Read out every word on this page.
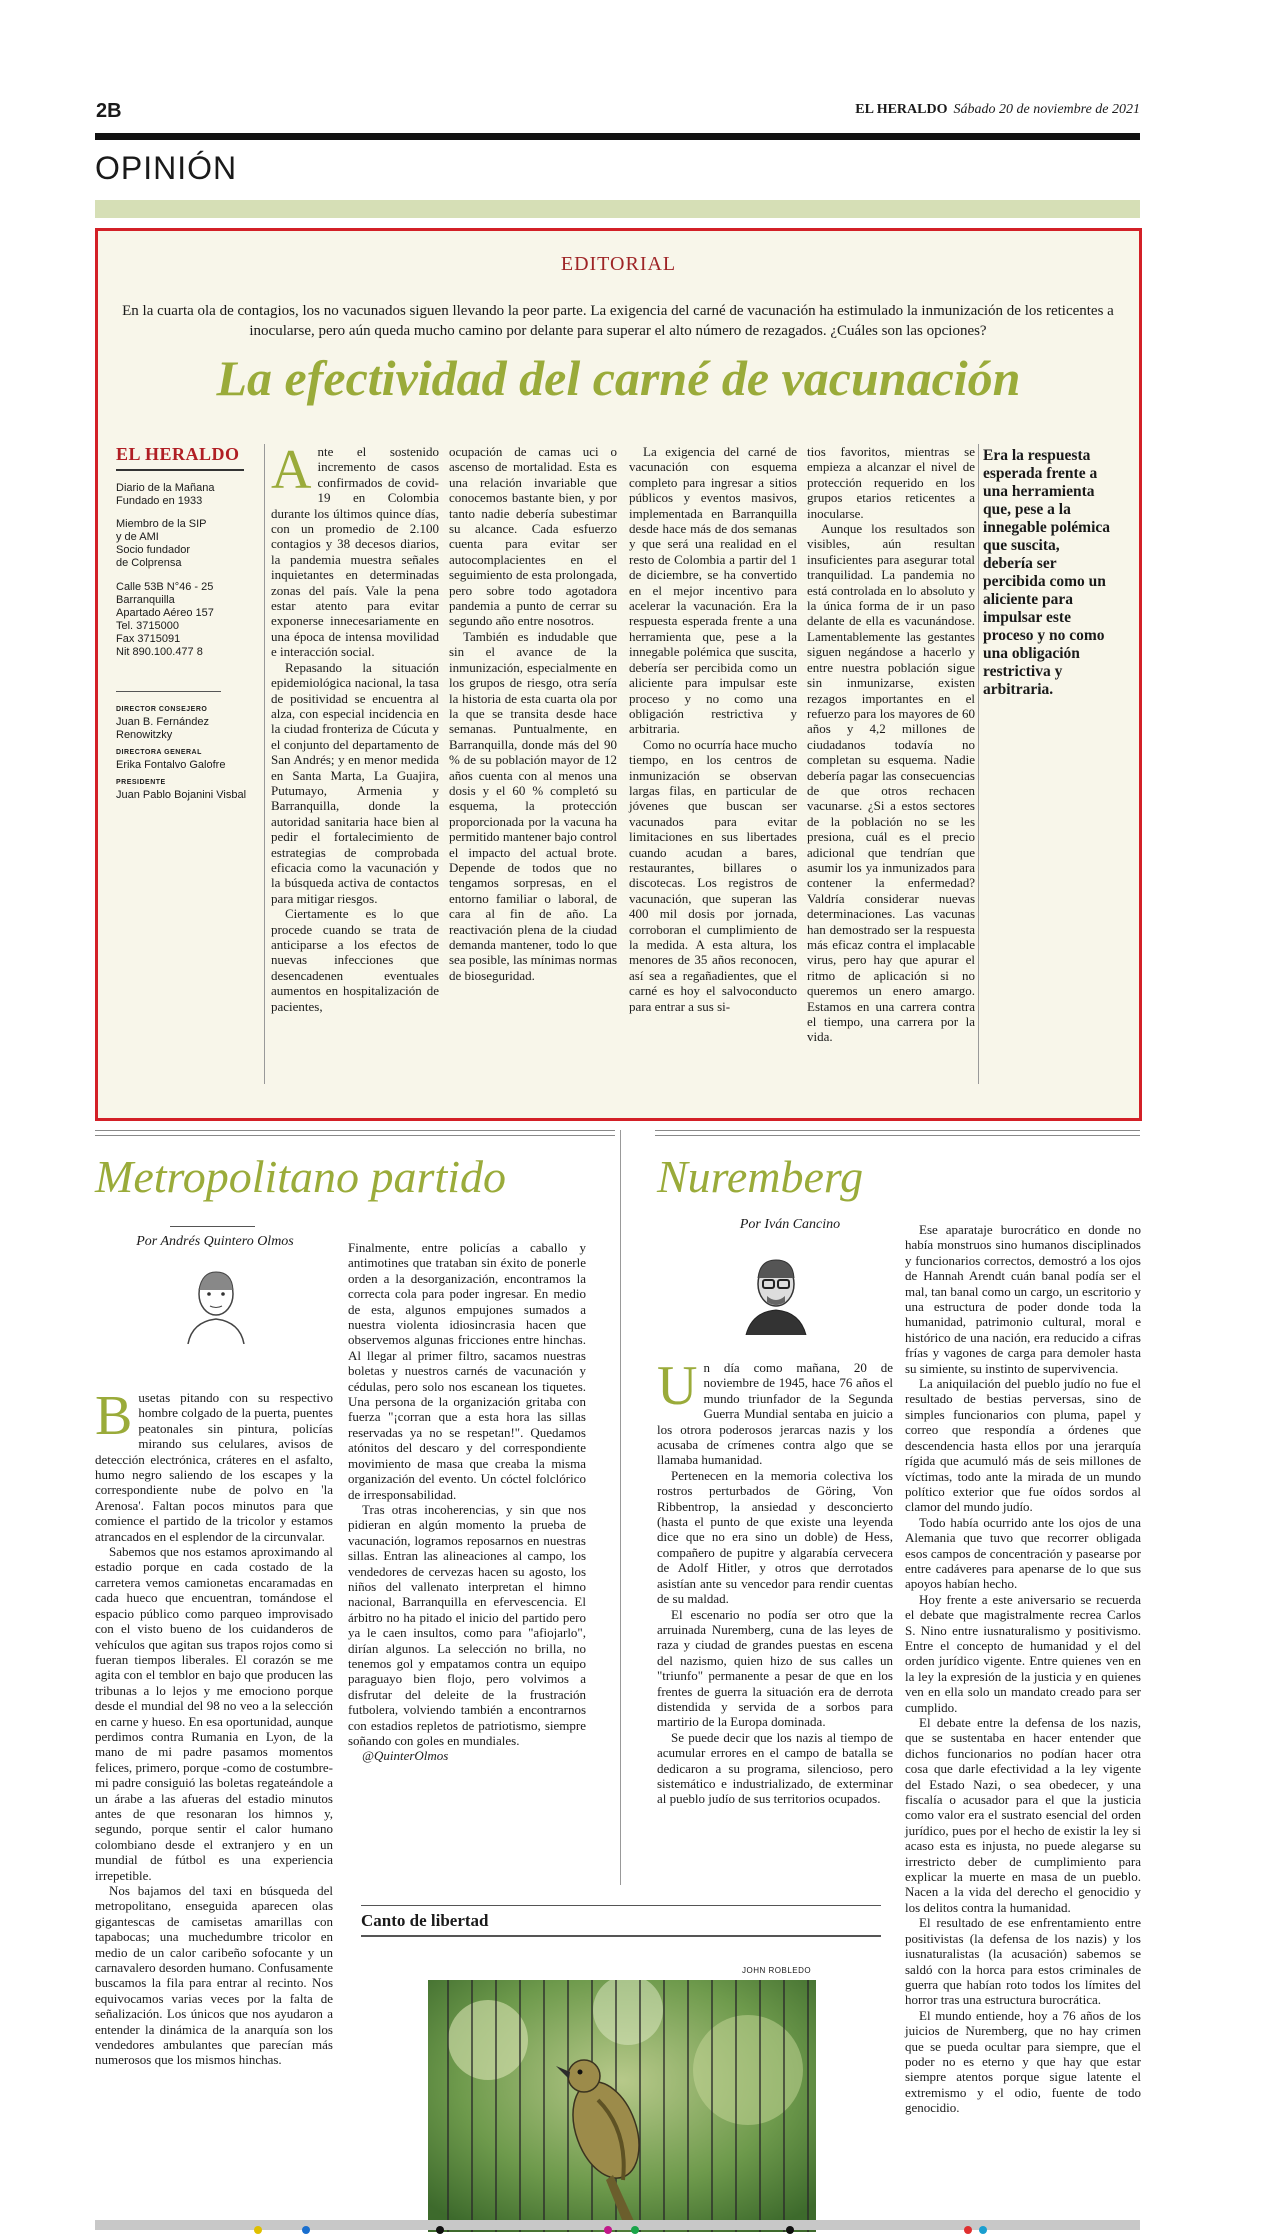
2B	EL HERALDO Sábado 20 de noviembre de 2021
OPINIÓN
EDITORIAL
En la cuarta ola de contagios, los no vacunados siguen llevando la peor parte. La exigencia del carné de vacunación ha estimulado la inmunización de los reticentes a inocularse, pero aún queda mucho camino por delante para superar el alto número de rezagados. ¿Cuáles son las opciones?
La efectividad del carné de vacunación
EL HERALDO
Diario de la Mañana
Fundado en 1933
Miembro de la SIP
y de AMI
Socio fundador
de Colprensa
Calle 53B N°46 - 25
Barranquilla
Apartado Aéreo 157
Tel. 3715000
Fax 3715091
Nit 890.100.477 8
DIRECTOR CONSEJERO
Juan B. Fernández Renowitzky
DIRECTORA GENERAL
Erika Fontalvo Galofre
PRESIDENTE
Juan Pablo Bojanini Visbal

Ante el sostenido incremento de casos confirmados de covid-19 en Colombia durante los últimos quince días, con un promedio de 2.100 contagios y 38 decesos diarios, la pandemia muestra señales inquietantes en determinadas zonas del país. Vale la pena estar atento para evitar exponerse innecesariamente en una época de intensa movilidad e interacción social.

Repasando la situación epidemiológica nacional, la tasa de positividad se encuentra al alza, con especial incidencia en la ciudad fronteriza de Cúcuta y el conjunto del departamento de San Andrés; y en menor medida en Santa Marta, La Guajira, Putumayo, Armenia y Barranquilla, donde la autoridad sanitaria hace bien al pedir el fortalecimiento de estrategias de comprobada eficacia como la vacunación y la búsqueda activa de contactos para mitigar riesgos.

Ciertamente es lo que procede cuando se trata de anticiparse a los efectos de nuevas infecciones que desencadenen eventuales aumentos en hospitalización de pacientes,

ocupación de camas uci o ascenso de mortalidad. Esta es una relación invariable que conocemos bastante bien, y por tanto nadie debería subestimar su alcance. Cada esfuerzo cuenta para evitar ser autocomplacientes en el seguimiento de esta prolongada, pero sobre todo agotadora pandemia a punto de cerrar su segundo año entre nosotros.

También es indudable que sin el avance de la inmunización, especialmente en los grupos de riesgo, otra sería la historia de esta cuarta ola por la que se transita desde hace semanas. Puntualmente, en Barranquilla, donde más del 90 % de su población mayor de 12 años cuenta con al menos una dosis y el 60 % completó su esquema, la protección proporcionada por la vacuna ha permitido mantener bajo control el impacto del actual brote. Depende de todos que no tengamos sorpresas, en el entorno familiar o laboral, de cara al fin de año. La reactivación plena de la ciudad demanda mantener, todo lo que sea posible, las mínimas normas de bioseguridad.

La exigencia del carné de vacunación con esquema completo para ingresar a sitios públicos y eventos masivos, implementada en Barranquilla desde hace más de dos semanas y que será una realidad en el resto de Colombia a partir del 1 de diciembre, se ha convertido en el mejor incentivo para acelerar la vacunación. Era la respuesta esperada frente a una herramienta que, pese a la innegable polémica que suscita, debería ser percibida como un aliciente para impulsar este proceso y no como una obligación restrictiva y arbitraria.

Como no ocurría hace mucho tiempo, en los centros de inmunización se observan largas filas, en particular de jóvenes que buscan ser vacunados para evitar limitaciones en sus libertades cuando acudan a bares, restaurantes, billares o discotecas. Los registros de vacunación, que superan las 400 mil dosis por jornada, corroboran el cumplimiento de la medida. A esta altura, los menores de 35 años reconocen, así sea a regañadientes, que el carné es hoy el salvoconducto para entrar a sus si-

tios favoritos, mientras se empieza a alcanzar el nivel de protección requerido en los grupos etarios reticentes a inocularse.

Aunque los resultados son visibles, aún resultan insuficientes para asegurar total tranquilidad. La pandemia no está controlada en lo absoluto y la única forma de ir un paso delante de ella es vacunándose. Lamentablemente las gestantes siguen negándose a hacerlo y entre nuestra población sigue sin inmunizarse, existen rezagos importantes en el refuerzo para los mayores de 60 años y 4,2 millones de ciudadanos todavía no completan su esquema. Nadie debería pagar las consecuencias de que otros rechacen vacunarse. ¿Si a estos sectores de la población no se les presiona, cuál es el precio adicional que tendrían que asumir los ya inmunizados para contener la enfermedad? Valdría considerar nuevas determinaciones. Las vacunas han demostrado ser la respuesta más eficaz contra el implacable virus, pero hay que apurar el ritmo de aplicación si no queremos un enero amargo. Estamos en una carrera contra el tiempo, una carrera por la vida.

Era la respuesta esperada frente a una herramienta que, pese a la innegable polémica que suscita, debería ser percibida como un aliciente para impulsar este proceso y no como una obligación restrictiva y arbitraria.
Metropolitano partido
Por Andrés Quintero Olmos

Busetas pitando con su respectivo hombre colgado de la puerta, puentes peatonales sin pintura, policías mirando sus celulares, avisos de detección electrónica, cráteres en el asfalto, humo negro saliendo de los escapes y la correspondiente nube de polvo en 'la Arenosa'. Faltan pocos minutos para que comience el partido de la tricolor y estamos atrancados en el esplendor de la circunvalar.

Sabemos que nos estamos aproximando al estadio porque en cada costado de la carretera vemos camionetas encaramadas en cada hueco que encuentran, tomándose el espacio público como parqueo improvisado con el visto bueno de los cuidanderos de vehículos que agitan sus trapos rojos como si fueran tiempos liberales. El corazón se me agita con el temblor en bajo que producen las tribunas a lo lejos y me emociono porque desde el mundial del 98 no veo a la selección en carne y hueso. En esa oportunidad, aunque perdimos contra Rumania en Lyon, de la mano de mi padre pasamos momentos felices, primero, porque -como de costumbre- mi padre consiguió las boletas regateándole a un árabe a las afueras del estadio minutos antes de que resonaran los himnos y, segundo, porque sentir el calor humano colombiano desde el extranjero y en un mundial de fútbol es una experiencia irrepetible.

Nos bajamos del taxi en búsqueda del metropolitano, enseguida aparecen olas gigantescas de camisetas amarillas con tapabocas; una muchedumbre tricolor en medio de un calor caribeño sofocante y un carnavalero desorden humano. Confusamente buscamos la fila para entrar al recinto. Nos equivocamos varias veces por la falta de señalización. Los únicos que nos ayudaron a entender la dinámica de la anarquía son los vendedores ambulantes que parecían más numerosos que los mismos hinchas.

Finalmente, entre policías a caballo y antimotines que trataban sin éxito de ponerle orden a la desorganización, encontramos la correcta cola para poder ingresar. En medio de esta, algunos empujones sumados a nuestra violenta idiosincrasia hacen que observemos algunas fricciones entre hinchas. Al llegar al primer filtro, sacamos nuestras boletas y nuestros carnés de vacunación y cédulas, pero solo nos escanean los tiquetes. Una persona de la organización gritaba con fuerza "¡corran que a esta hora las sillas reservadas ya no se respetan!". Quedamos atónitos del descaro y del correspondiente movimiento de masa que creaba la misma organización del evento. Un cóctel folclórico de irresponsabilidad.

Tras otras incoherencias, y sin que nos pidieran en algún momento la prueba de vacunación, logramos reposarnos en nuestras sillas. Entran las alineaciones al campo, los vendedores de cervezas hacen su agosto, los niños del vallenato interpretan el himno nacional, Barranquilla en efervescencia. El árbitro no ha pitado el inicio del partido pero ya le caen insultos, como para "afiojarlo", dirían algunos. La selección no brilla, no tenemos gol y empatamos contra un equipo paraguayo bien flojo, pero volvimos a disfrutar del deleite de la frustración futbolera, volviendo también a encontrarnos con estadios repletos de patriotismo, siempre soñando con goles en mundiales.

@QuinterOlmos

Nuremberg
Por Iván Cancino

Un día como mañana, 20 de noviembre de 1945, hace 76 años el mundo triunfador de la Segunda Guerra Mundial sentaba en juicio a los otrora poderosos jerarcas nazis y los acusaba de crímenes contra algo que se llamaba humanidad.

Pertenecen en la memoria colectiva los rostros perturbados de Göring, Von Ribbentrop, la ansiedad y desconcierto (hasta el punto de que existe una leyenda dice que no era sino un doble) de Hess, compañero de pupitre y algarabía cervecera de Adolf Hitler, y otros que derrotados asistían ante su vencedor para rendir cuentas de su maldad.

El escenario no podía ser otro que la arruinada Nuremberg, cuna de las leyes de raza y ciudad de grandes puestas en escena del nazismo, quien hizo de sus calles un "triunfo" permanente a pesar de que en los frentes de guerra la situación era de derrota distendida y servida de a sorbos para martirio de la Europa dominada.

Se puede decir que los nazis al tiempo de acumular errores en el campo de batalla se dedicaron a su programa, silencioso, pero sistemático e industrializado, de exterminar al pueblo judío de sus territorios ocupados.

Ese aparataje burocrático en donde no había monstruos sino humanos disciplinados y funcionarios correctos, demostró a los ojos de Hannah Arendt cuán banal podía ser el mal, tan banal como un cargo, un escritorio y una estructura de poder donde toda la humanidad, patrimonio cultural, moral e histórico de una nación, era reducido a cifras frías y vagones de carga para demoler hasta su simiente, su instinto de supervivencia.

La aniquilación del pueblo judío no fue el resultado de bestias perversas, sino de simples funcionarios con pluma, papel y correo que respondía a órdenes que descendencia hasta ellos por una jerarquía rígida que acumuló más de seis millones de víctimas, todo ante la mirada de un mundo político exterior que fue oídos sordos al clamor del mundo judío.

Todo había ocurrido ante los ojos de una Alemania que tuvo que recorrer obligada esos campos de concentración y pasearse por entre cadáveres para apenarse de lo que sus apoyos habían hecho.

Hoy frente a este aniversario se recuerda el debate que magistralmente recrea Carlos S. Nino entre iusnaturalismo y positivismo. Entre el concepto de humanidad y el del orden jurídico vigente. Entre quienes ven en la ley la expresión de la justicia y en quienes ven en ella solo un mandato creado para ser cumplido.

El debate entre la defensa de los nazis, que se sustentaba en hacer entender que dichos funcionarios no podían hacer otra cosa que darle efectividad a la ley vigente del Estado Nazi, o sea obedecer, y una fiscalía o acusador para el que la justicia como valor era el sustrato esencial del orden jurídico, pues por el hecho de existir la ley si acaso esta es injusta, no puede alegarse su irrestricto deber de cumplimiento para explicar la muerte en masa de un pueblo. Nacen a la vida del derecho el genocidio y los delitos contra la humanidad.

El resultado de ese enfrentamiento entre positivistas (la defensa de los nazis) y los iusnaturalistas (la acusación) sabemos se saldó con la horca para estos criminales de guerra que habían roto todos los límites del horror tras una estructura burocrática.

El mundo entiende, hoy a 76 años de los juicios de Nuremberg, que no hay crimen que se pueda ocultar para siempre, que el poder no es eterno y que hay que estar siempre atentos porque sigue latente el extremismo y el odio, fuente de todo genocidio.

Canto de libertad
JOHN ROBLEDO
